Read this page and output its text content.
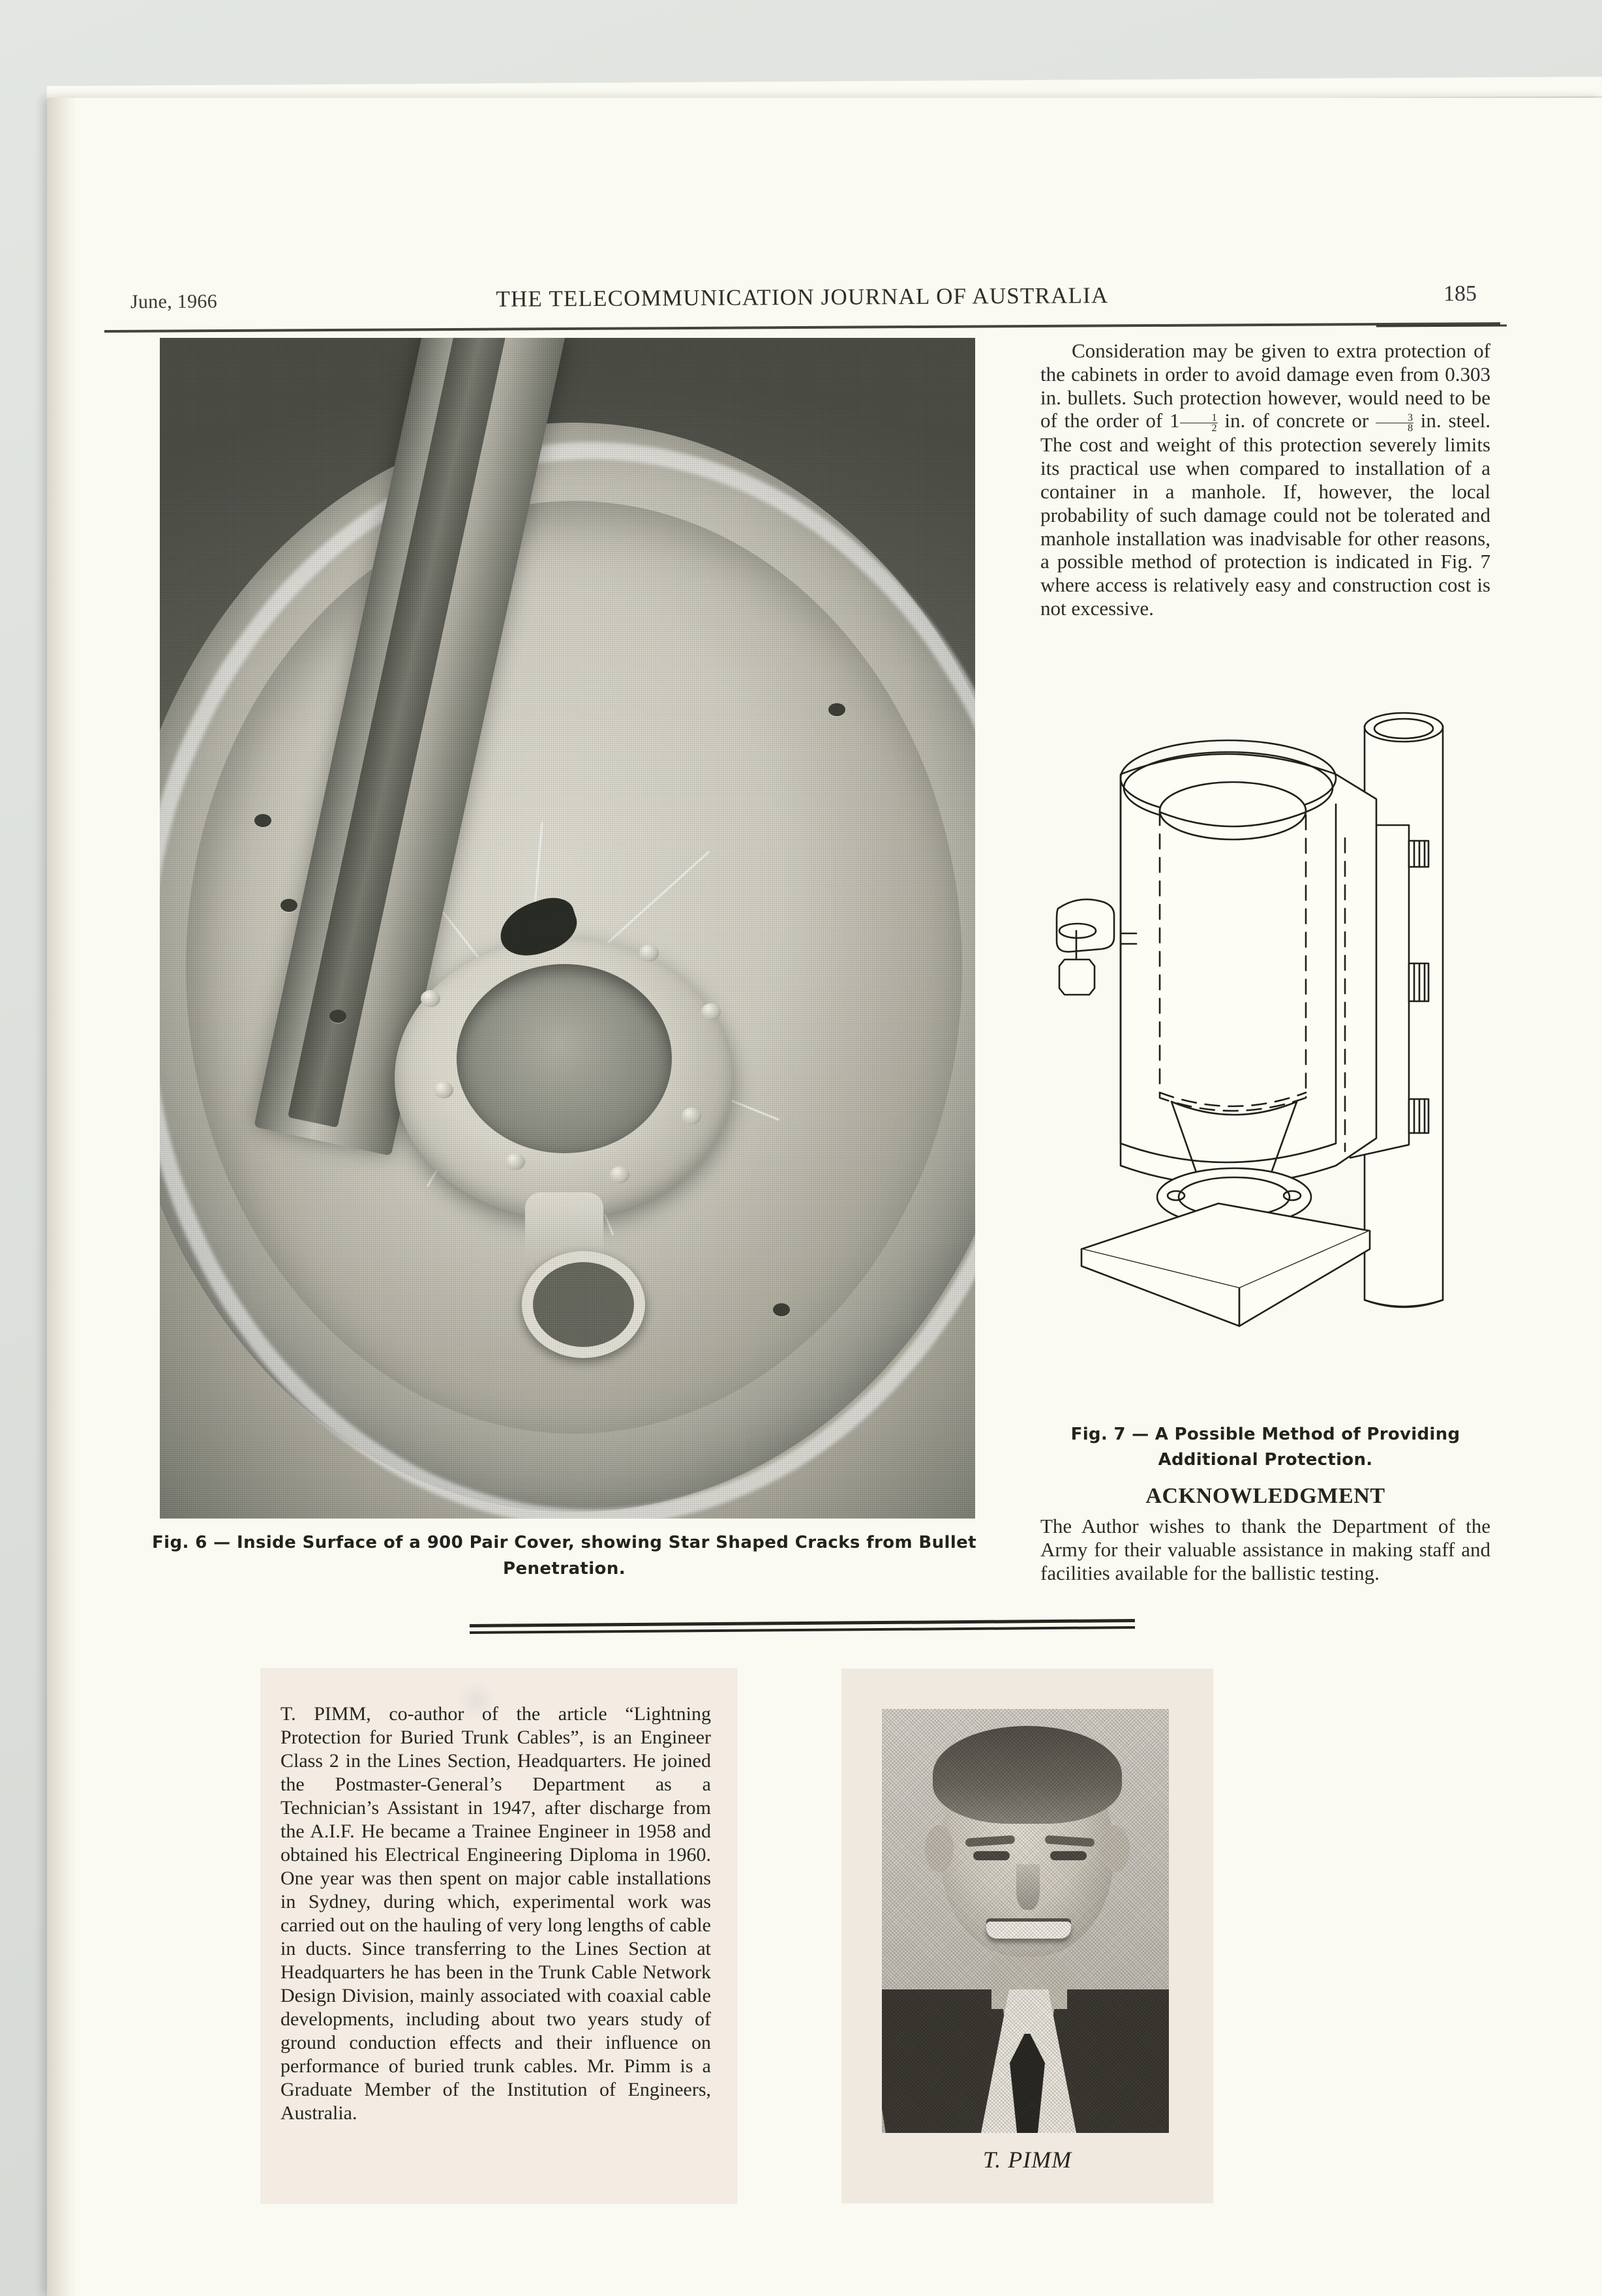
June, 1966	THE TELECOMMUNICATION JOURNAL OF AUSTRALIA	185
Fig. 6 — Inside Surface of a 900 Pair Cover, showing Star Shaped Cracks from Bullet
Penetration.

Consideration may be given to extra protection of the cabinets in order to avoid damage even from 0.303 in. bullets. Such protection however, would need to be of the order of $1 \frac{1}{2}$ in. of concrete or $\frac{3}{8}$ in. steel. The cost and weight of this protection severely limits its practical use when compared to installation of a container in a manhole. If, however, the local probability of such damage could not be tolerated and manhole installation was inadvisable for other reasons, a possible method of protection is indicated in Fig. 7 where access is relatively easy and construction cost is not excessive.

Fig. 7 — A Possible Method of Providing
Additional Protection.
ACKNOWLEDGMENT
The Author wishes to thank the Department of the Army for their valuable assistance in making staff and facilities available for the ballistic testing.
T. PIMM, co-author of the article “Lightning Protection for Buried Trunk Cables”, is an Engineer Class 2 in the Lines Section, Headquarters. He joined the Postmaster-General’s Department as a Technician’s Assistant in 1947, after discharge from the A.I.F. He became a Trainee Engineer in 1958 and obtained his Electrical Engineering Diploma in 1960. One year was then spent on major cable installations in Sydney, during which, experimental work was carried out on the hauling of very long lengths of cable in ducts. Since transferring to the Lines Section at Headquarters he has been in the Trunk Cable Network Design Division, mainly associated with coaxial cable developments, including about two years study of ground conduction effects and their influence on performance of buried trunk cables. Mr. Pimm is a Graduate Member of the Institution of Engineers, Australia.
T. PIMM
